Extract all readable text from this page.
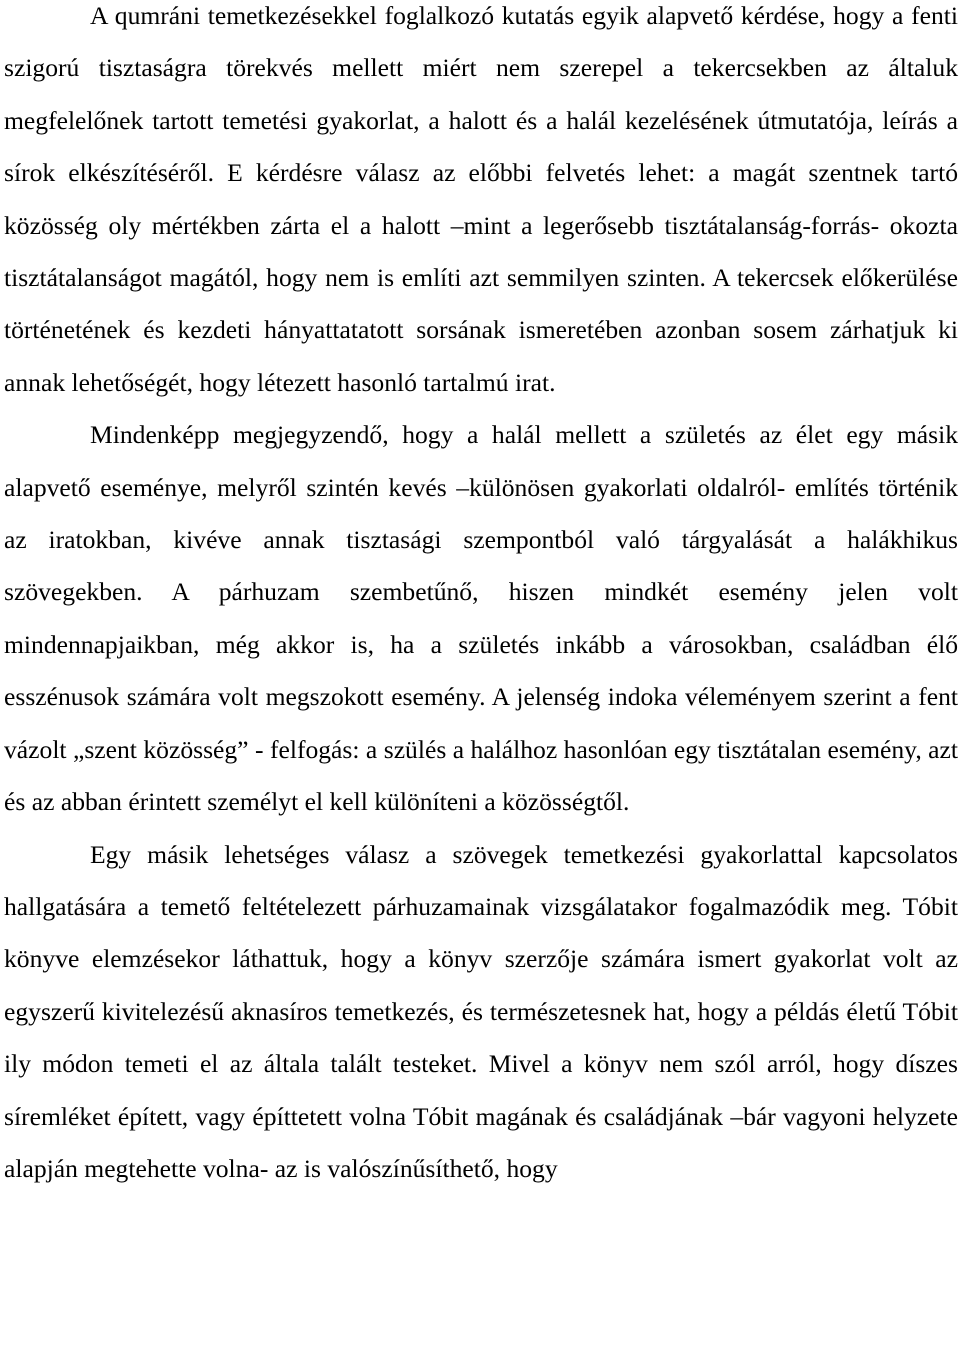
A qumráni temetkezésekkel foglalkozó kutatás egyik alapvető kérdése, hogy a fenti szigorú tisztaságra törekvés mellett miért nem szerepel a tekercsekben az általuk megfelelőnek tartott temetési gyakorlat, a halott és a halál kezelésének útmutatója, leírás a sírok elkészítéséről. E kérdésre válasz az előbbi felvetés lehet: a magát szentnek tartó közösség oly mértékben zárta el a halott –mint a legerősebb tisztátalanság-forrás- okozta tisztátalanságot magától, hogy nem is említi azt semmilyen szinten. A tekercsek előkerülése történetének és kezdeti hányattatatott sorsának ismeretében azonban sosem zárhatjuk ki annak lehetőségét, hogy létezett hasonló tartalmú irat.

Mindenképp megjegyzendő, hogy a halál mellett a születés az élet egy másik alapvető eseménye, melyről szintén kevés –különösen gyakorlati oldalról- említés történik az iratokban, kivéve annak tisztasági szempontból való tárgyalását a halákhikus szövegekben. A párhuzam szembetűnő, hiszen mindkét esemény jelen volt mindennapjaikban, még akkor is, ha a születés inkább a városokban, családban élő esszénusok számára volt megszokott esemény. A jelenség indoka véleményem szerint a fent vázolt „szent közösség” - felfogás: a szülés a halálhoz hasonlóan egy tisztátalan esemény, azt és az abban érintett személyt el kell különíteni a közösségtől.

Egy másik lehetséges válasz a szövegek temetkezési gyakorlattal kapcsolatos hallgatására a temető feltételezett párhuzamainak vizsgálatakor fogalmazódik meg. Tóbit könyve elemzésekor láthattuk, hogy a könyv szerzője számára ismert gyakorlat volt az egyszerű kivitelezésű aknasíros temetkezés, és természetesnek hat, hogy a példás életű Tóbit ily módon temeti el az általa talált testeket. Mivel a könyv nem szól arról, hogy díszes síremléket épített, vagy építtetett volna Tóbit magának és családjának –bár vagyoni helyzete alapján megtehette volna- az is valószínűsíthető, hogy
